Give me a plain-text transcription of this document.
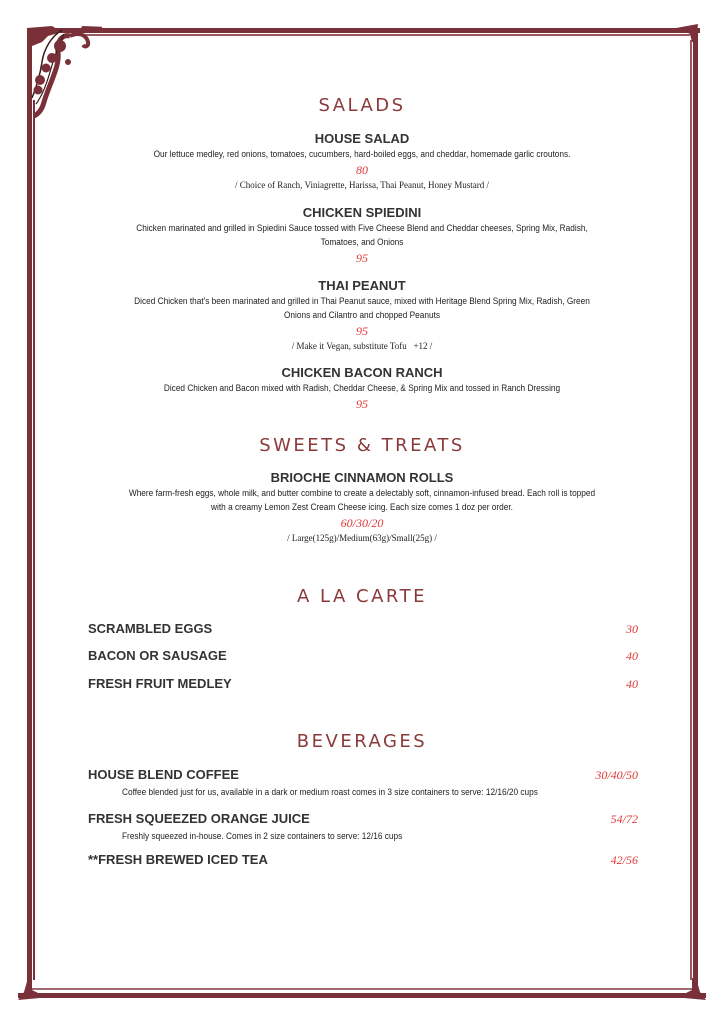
SALADS
HOUSE SALAD
Our lettuce medley, red onions, tomatoes, cucumbers, hard-boiled eggs, and cheddar, homemade garlic croutons.
80
/ Choice of Ranch, Viniagrette, Harissa, Thai Peanut, Honey Mustard /
CHICKEN SPIEDINI
Chicken marinated and grilled in Spiedini Sauce tossed with Five Cheese Blend and Cheddar cheeses, Spring Mix, Radish, Tomatoes, and Onions
95
THAI PEANUT
Diced Chicken that's been marinated and grilled in Thai Peanut sauce, mixed with Heritage Blend Spring Mix, Radish, Green Onions and Cilantro and chopped Peanuts
95
/ Make it Vegan, substitute Tofu   +12 /
CHICKEN BACON RANCH
Diced Chicken and Bacon mixed with Radish, Cheddar Cheese, & Spring Mix and tossed in Ranch Dressing
95
SWEETS & TREATS
BRIOCHE CINNAMON ROLLS
Where farm-fresh eggs, whole milk, and butter combine to create a delectably soft, cinnamon-infused bread. Each roll is topped with a creamy Lemon Zest Cream Cheese icing. Each size comes 1 doz per order.
60/30/20
/ Large(125g)/Medium(63g)/Small(25g) /
A LA CARTE
SCRAMBLED EGGS	30
BACON OR SAUSAGE	40
FRESH FRUIT MEDLEY	40
BEVERAGES
HOUSE BLEND COFFEE	30/40/50
Coffee blended just for us, available in a dark or medium roast comes in 3 size containers to serve: 12/16/20 cups
FRESH SQUEEZED ORANGE JUICE	54/72
Freshly squeezed in-house. Comes in 2 size containers to serve: 12/16 cups
**FRESH BREWED ICED TEA	42/56
